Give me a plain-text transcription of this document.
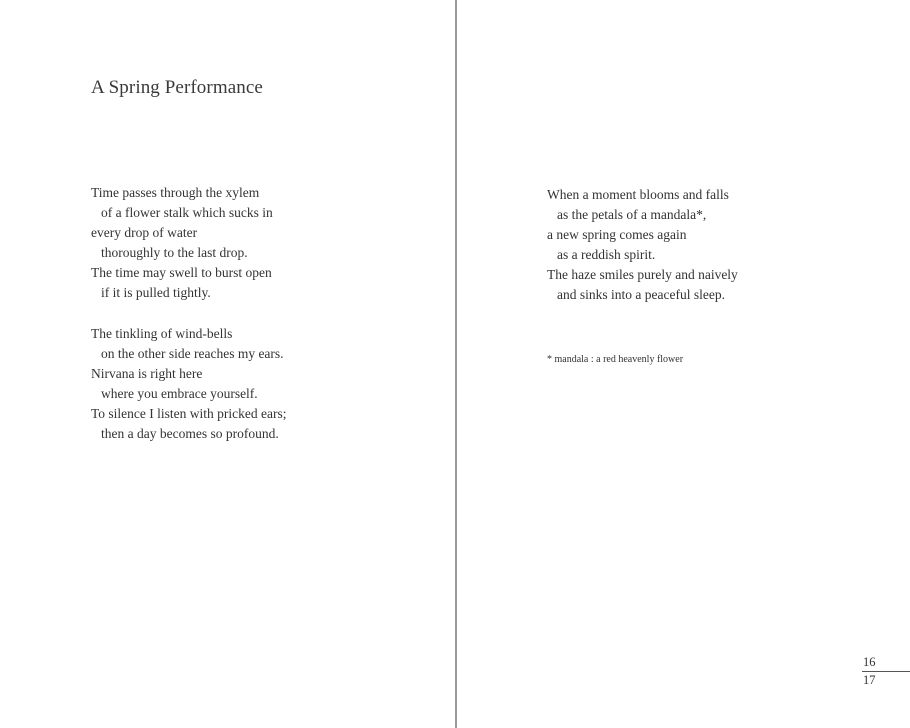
A Spring Performance
Time passes through the xylem
of a flower stalk which sucks in
every drop of water
thoroughly to the last drop.
The time may swell to burst open
if it is pulled tightly.
The tinkling of wind-bells
on the other side reaches my ears.
Nirvana is right here
where you embrace yourself.
To silence I listen with pricked ears;
then a day becomes so profound.
When a moment blooms and falls
as the petals of a mandala*,
a new spring comes again
as a reddish spirit.
The haze smiles purely and naively
and sinks into a peaceful sleep.
* mandala : a red heavenly flower
16
17
